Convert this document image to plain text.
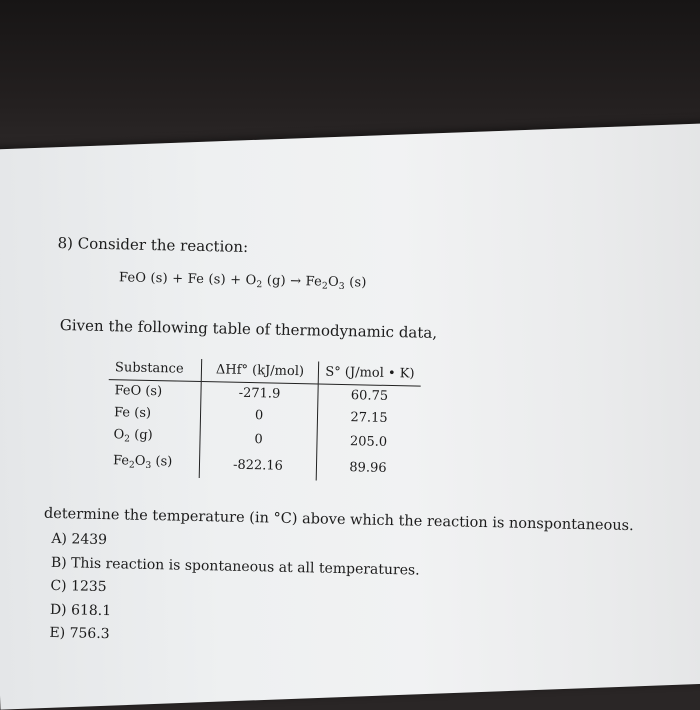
8) Consider the reaction:
FeO (s) + Fe $(s) + O_2$ $(g) \to Fe_2O_3$ (s)
Given the following table of thermodynamic data,
Substance	ΔHf° (kJ/mol)	S° (J/mol • K)
FeO (s)	-271.9	60.75
Fe (s)	0	27.15
$O_2$ (g)	0	205.0
$Fe_2O_3$ (s)	-822.16	89.96
determine the temperature (in °C) above which the reaction is nonspontaneous.
A) 2439
B) This reaction is spontaneous at all temperatures.
C) 1235
D) 618.1
E) 756.3
